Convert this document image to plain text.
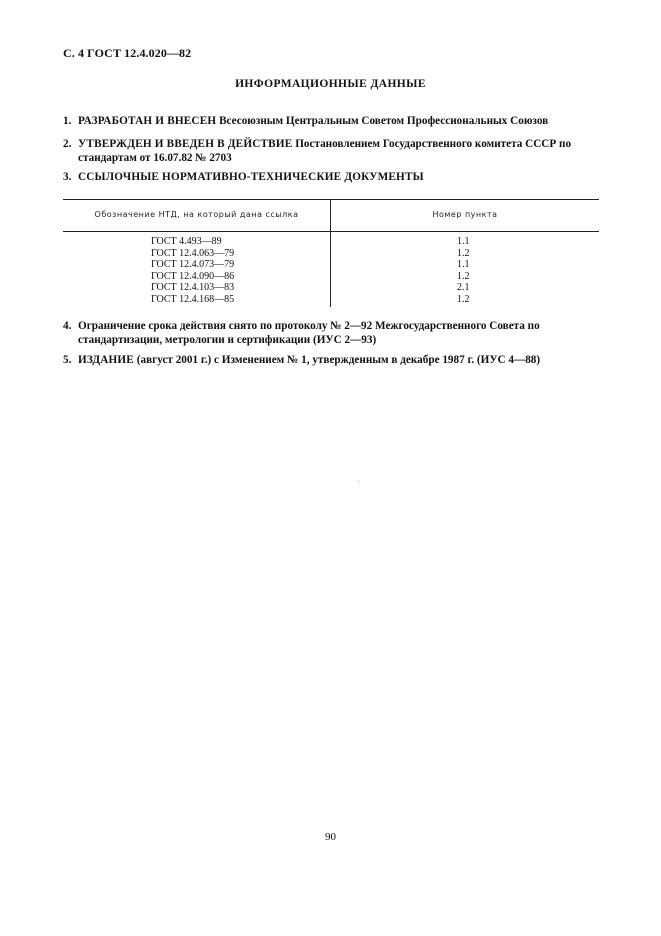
С. 4 ГОСТ 12.4.020—82
ИНФОРМАЦИОННЫЕ ДАННЫЕ
1. РАЗРАБОТАН И ВНЕСЕН Всесоюзным Центральным Советом Профессиональных Союзов
2. УТВЕРЖДЕН И ВВЕДЕН В ДЕЙСТВИЕ Постановлением Государственного комитета СССР по стандартам от 16.07.82 № 2703
3. ССЫЛОЧНЫЕ НОРМАТИВНО-ТЕХНИЧЕСКИЕ ДОКУМЕНТЫ
Обозначение НТД, на который дана ссылка	Номер пункта
ГОСТ 4.493—89
ГОСТ 12.4.063—79
ГОСТ 12.4.073—79
ГОСТ 12.4.090—86
ГОСТ 12.4.103—83
ГОСТ 12.4.168—85
1.1
1.2
1.1
1.2
2.1
1.2
4. Ограничение срока действия снято по протоколу № 2—92 Межгосударственного Совета по стандартизации, метрологии и сертификации (ИУС 2—93)
5. ИЗДАНИЕ (август 2001 г.) с Изменением № 1, утвержденным в декабре 1987 г. (ИУС 4—88)
90
